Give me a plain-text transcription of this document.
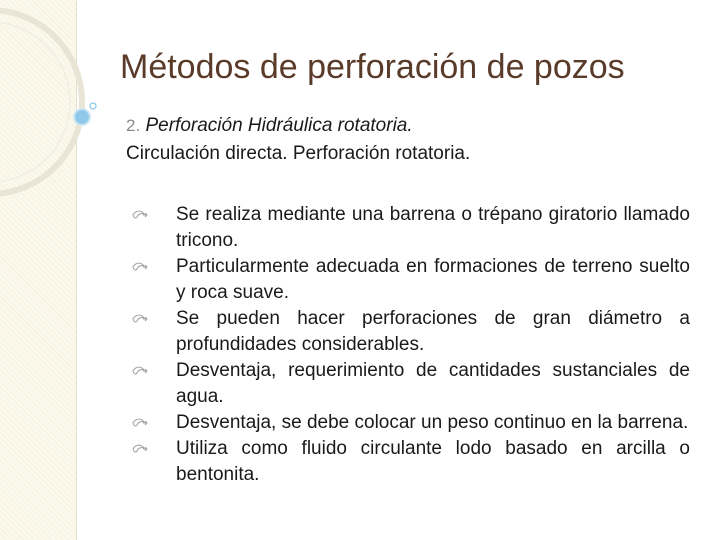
Métodos de perforación de pozos
2. Perforación Hidráulica rotatoria.
Circulación directa. Perforación rotatoria.
Se realiza mediante una barrena o trépano giratorio llamado tricono.
Particularmente adecuada en formaciones de terreno suelto y roca suave.
Se pueden hacer perforaciones de gran diámetro a profundidades considerables.
Desventaja, requerimiento de cantidades sustanciales de agua.
Desventaja, se debe colocar un peso continuo en la barrena.
Utiliza como fluido circulante lodo basado en arcilla o bentonita.
